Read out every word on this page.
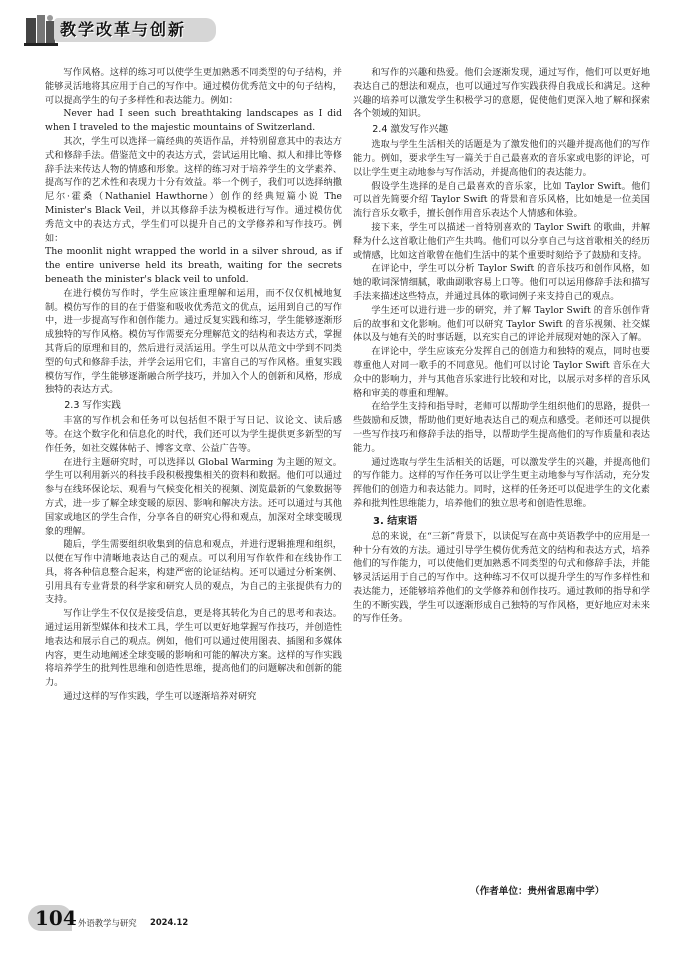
教学改革与创新

写作风格。这样的练习可以使学生更加熟悉不同类型的句子结构，并能够灵活地将其应用于自己的写作中。通过模仿优秀范文中的句子结构，可以提高学生的句子多样性和表达能力。例如：

Never had I seen such breathtaking landscapes as I did when I traveled to the majestic mountains of Switzerland.

其次，学生可以选择一篇经典的英语作品，并特别留意其中的表达方式和修辞手法。借鉴范文中的表达方式，尝试运用比喻、拟人和排比等修辞手法来传达人物的情感和形象。这样的练习对于培养学生的文学素养、提高写作的艺术性和表现力十分有效益。举一个例子，我们可以选择纳撒尼尔·霍桑（Nathaniel Hawthorne）创作的经典短篇小说 The Minister's Black Veil，并以其修辞手法为模板进行写作。通过模仿优秀范文中的表达方式，学生们可以提升自己的文学修养和写作技巧。例如：

The moonlit night wrapped the world in a silver shroud, as if the entire universe held its breath, waiting for the secrets beneath the minister's black veil to unfold.

在进行模仿写作时，学生应该注重理解和运用，而不仅仅机械地复制。模仿写作的目的在于借鉴和吸收优秀范文的优点，运用到自己的写作中，进一步提高写作和创作能力。通过反复实践和练习，学生能够逐渐形成独特的写作风格。模仿写作需要充分理解范文的结构和表达方式，掌握其背后的原理和目的，然后进行灵活运用。学生可以从范文中学到不同类型的句式和修辞手法，并学会运用它们，丰富自己的写作风格。重复实践模仿写作，学生能够逐渐融合所学技巧，并加入个人的创新和风格，形成独特的表达方式。

2.3 写作实践

丰富的写作机会和任务可以包括但不限于写日记、议论文、读后感等。在这个数字化和信息化的时代，我们还可以为学生提供更多新型的写作任务，如社交媒体帖子、博客文章、公益广告等。

在进行主题研究时，可以选择以 Global Warming 为主题的短文。学生可以利用新兴的科技手段积极搜集相关的资料和数据。他们可以通过参与在线环保论坛、观看与气候变化相关的视频、浏览最新的气象数据等方式，进一步了解全球变暖的原因、影响和解决方法。还可以通过与其他国家或地区的学生合作，分享各自的研究心得和观点，加深对全球变暖现象的理解。

随后，学生需要组织收集到的信息和观点，并进行逻辑推理和组织，以便在写作中清晰地表达自己的观点。可以利用写作软件和在线协作工具，将各种信息整合起来，构建严密的论证结构。还可以通过分析案例、引用具有专业背景的科学家和研究人员的观点，为自己的主张提供有力的支持。

写作让学生不仅仅是接受信息，更是将其转化为自己的思考和表达。通过运用新型媒体和技术工具，学生可以更好地掌握写作技巧，并创造性地表达和展示自己的观点。例如，他们可以通过使用图表、插图和多媒体内容，更生动地阐述全球变暖的影响和可能的解决方案。这样的写作实践将培养学生的批判性思维和创造性思维，提高他们的问题解决和创新的能力。

通过这样的写作实践，学生可以逐渐培养对研究

和写作的兴趣和热爱。他们会逐渐发现，通过写作，他们可以更好地表达自己的想法和观点，也可以通过写作实践获得自我成长和满足。这种兴趣的培养可以激发学生积极学习的意愿，促使他们更深入地了解和探索各个领域的知识。

2.4 激发写作兴趣

选取与学生生活相关的话题是为了激发他们的兴趣并提高他们的写作能力。例如，要求学生写一篇关于自己最喜欢的音乐家或电影的评论，可以让学生更主动地参与写作活动，并提高他们的表达能力。

假设学生选择的是自己最喜欢的音乐家，比如 Taylor Swift。他们可以首先简要介绍 Taylor Swift 的背景和音乐风格，比如她是一位美国流行音乐女歌手，擅长创作用音乐表达个人情感和体验。

接下来，学生可以描述一首特别喜欢的 Taylor Swift 的歌曲，并解释为什么这首歌让他们产生共鸣。他们可以分享自己与这首歌相关的经历或情感，比如这首歌曾在他们生活中的某个重要时刻给予了鼓励和支持。

在评论中，学生可以分析 Taylor Swift 的音乐技巧和创作风格，如她的歌词深情细腻，歌曲副歌容易上口等。他们可以运用修辞手法和描写手法来描述这些特点，并通过具体的歌词例子来支持自己的观点。

学生还可以进行进一步的研究，并了解 Taylor Swift 的音乐创作背后的故事和文化影响。他们可以研究 Taylor Swift 的音乐视频、社交媒体以及与她有关的时事话题，以充实自己的评论并展现对她的深入了解。

在评论中，学生应该充分发挥自己的创造力和独特的观点，同时也要尊重他人对同一歌手的不同意见。他们可以讨论 Taylor Swift 音乐在大众中的影响力，并与其他音乐家进行比较和对比，以展示对多样的音乐风格和审美的尊重和理解。

在给学生支持和指导时，老师可以帮助学生组织他们的思路，提供一些鼓励和反馈，帮助他们更好地表达自己的观点和感受。老师还可以提供一些写作技巧和修辞手法的指导，以帮助学生提高他们的写作质量和表达能力。

通过选取与学生生活相关的话题，可以激发学生的兴趣，并提高他们的写作能力。这样的写作任务可以让学生更主动地参与写作活动，充分发挥他们的创造力和表达能力。同时，这样的任务还可以促进学生的文化素养和批判性思维能力，培养他们的独立思考和创造性思维。

3. 结束语

总的来说，在“三新”背景下，以读促写在高中英语教学中的应用是一种十分有效的方法。通过引导学生模仿优秀范文的结构和表达方式，培养他们的写作能力，可以使他们更加熟悉不同类型的句式和修辞手法，并能够灵活运用于自己的写作中。这种练习不仅可以提升学生的写作多样性和表达能力，还能够培养他们的文学修养和创作技巧。通过教师的指导和学生的不断实践，学生可以逐渐形成自己独特的写作风格，更好地应对未来的写作任务。

（作者单位：贵州省思南中学）
104 外语教学与研究 2024.12
